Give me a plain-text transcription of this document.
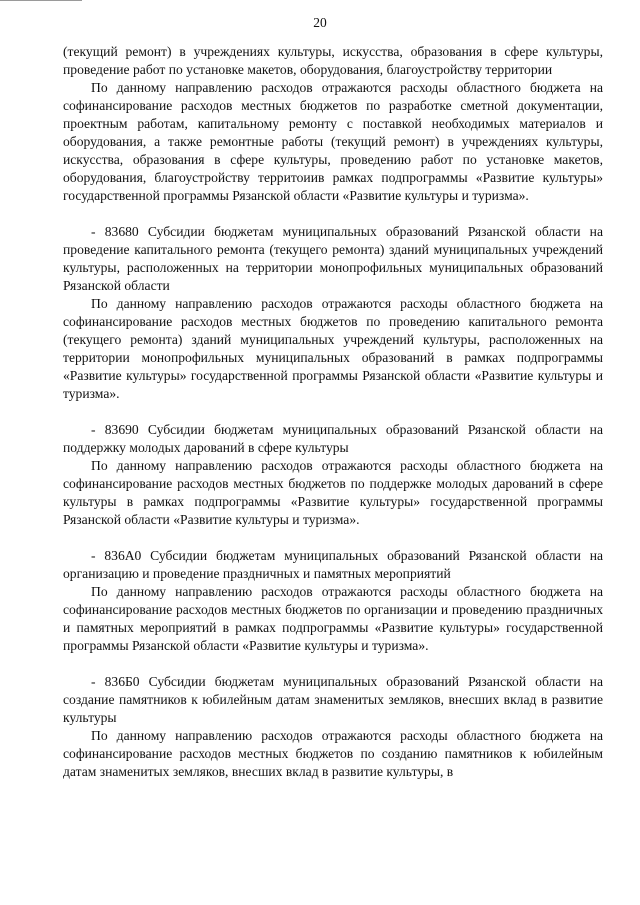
20

(текущий ремонт) в учреждениях культуры, искусства, образования в сфере культуры, проведение работ по установке макетов, оборудования, благоустройству территории

По данному направлению расходов отражаются расходы областного бюджета на софинансирование расходов местных бюджетов по разработке сметной документации, проектным работам, капитальному ремонту с поставкой необходимых материалов и оборудования, а также ремонтные работы (текущий ремонт) в учреждениях культуры, искусства, образования в сфере культуры, проведению работ по установке макетов, оборудования, благоустройству территоиив рамках подпрограммы «Развитие культуры» государственной программы Рязанской области «Развитие культуры и туризма».

- 83680 Субсидии бюджетам муниципальных образований Рязанской области на проведение капитального ремонта (текущего ремонта) зданий муниципальных учреждений культуры, расположенных на территории монопрофильных муниципальных образований Рязанской области

По данному направлению расходов отражаются расходы областного бюджета на софинансирование расходов местных бюджетов по проведению капитального ремонта (текущего ремонта) зданий муниципальных учреждений культуры, расположенных на территории монопрофильных муниципальных образований в рамках подпрограммы «Развитие культуры» государственной программы Рязанской области «Развитие культуры и туризма».

- 83690 Субсидии бюджетам муниципальных образований Рязанской области на поддержку молодых дарований в сфере культуры

По данному направлению расходов отражаются расходы областного бюджета на софинансирование расходов местных бюджетов по поддержке молодых дарований в сфере культуры в рамках подпрограммы «Развитие культуры» государственной программы Рязанской области «Развитие культуры и туризма».

- 836А0 Субсидии бюджетам муниципальных образований Рязанской области на организацию и проведение праздничных и памятных мероприятий

По данному направлению расходов отражаются расходы областного бюджета на софинансирование расходов местных бюджетов по организации и проведению праздничных и памятных мероприятий в рамках подпрограммы «Развитие культуры» государственной программы Рязанской области «Развитие культуры и туризма».

- 836Б0 Субсидии бюджетам муниципальных образований Рязанской области на создание памятников к юбилейным датам знаменитых земляков, внесших вклад в развитие культуры

По данному направлению расходов отражаются расходы областного бюджета на софинансирование расходов местных бюджетов по созданию памятников к юбилейным датам знаменитых земляков, внесших вклад в развитие культуры, в
